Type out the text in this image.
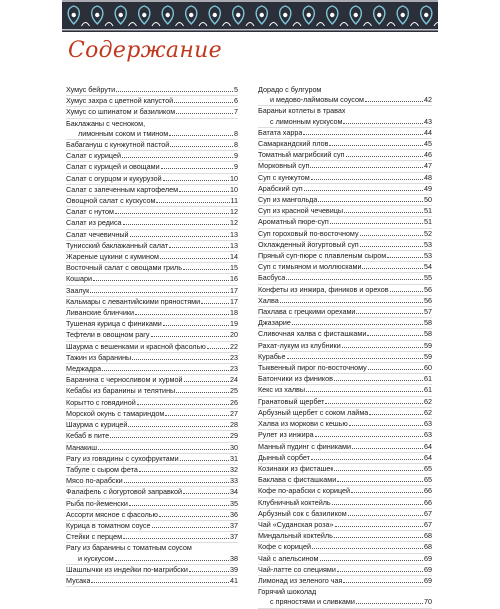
Содержание
Хумус бейрути	5
Хумус захра с цветной капустой	6
Хумус со шпинатом и базиликом	7
Баклажаны с чесноком,
лимонным соком и тмином	8
Бабагануш с кунжутной пастой	8
Салат с курицей	9
Салат с курицей и овощами	9
Салат с огурцом и кукурузой	10
Салат с запеченным картофелем	10
Овощной салат с кускусом	11
Салат с нутом	12
Салат из редиса	12
Салат чечевичный	13
Тунисский баклажанный салат	13
Жареные цукини с кумином	14
Восточный салат с овощами гриль	15
Кошари	16
Заалук	17
Кальмары с левантийскими пряностями	17
Ливанские блинчики	18
Тушеная курица с финиками	19
Тефтели в овощном рагу	20
Шаурма с вешенками и красной фасолью	22
Тажин из баранины	23
Меджадра	23
Баранина с черносливом и хурмой	24
Кебабы из баранины и телятины	25
Корытто с говядиной	26
Морской окунь с тамариндом	27
Шаурма с курицей	28
Кебаб в пите	29
Манакиш	30
Рагу из говядины с сухофруктами	31
Табуле с сыром фета	32
Мясо по-арабски	33
Фалафель с йогуртовой заправкой	34
Рыба по-йеменски	35
Ассорти мясное с фасолью	36
Курица в томатном соусе	37
Стейки с перцем	37
Рагу из баранины с томатным соусом
и кускусом	38
Шашлычки из индейки по-магрибски	39
Мусака	41
Дорадо с булгуром
и медово-лаймовым соусом	42
Бараньи котлеты в травах
с лимонным кускусом	43
Батата харра	44
Самаркандский плов	45
Томатный магрибский суп	46
Морковный суп	47
Суп с кунжутом	48
Арабский суп	49
Суп из мангольда	50
Суп из красной чечевицы	51
Ароматный пюре-суп	51
Суп гороховый по-восточному	52
Охлажденный йогуртовый суп	53
Пряный суп-пюре с плавленым сыром	53
Суп с тимьяном и моллюсками	54
Басбуса	55
Конфеты из инжира, фиников и орехов	56
Халва	56
Пахлава с грецкими орехами	57
Джазарие	58
Сливочная халва с фисташками	58
Рахат-лукум из клубники	59
Курабье	59
Тыквенный пирог по-восточному	60
Батончики из фиников	61
Кекс из халвы	61
Гранатовый щербет	62
Арбузный щербет с соком лайма	62
Халва из моркови с кешью	63
Рулет из инжира	63
Манный пудинг с финиками	64
Дынный сорбет	64
Козинаки из фисташек	65
Баклава с фисташками	65
Кофе по-арабски с корицей	66
Клубничный коктейль	66
Арбузный сок с базиликом	67
Чай «Суданская роза»	67
Миндальный коктейль	68
Кофе с корицей	68
Чай с апельсином	69
Чай-латте со специями	69
Лимонад из зеленого чая	69
Горячий шоколад
с пряностями и сливками	70
